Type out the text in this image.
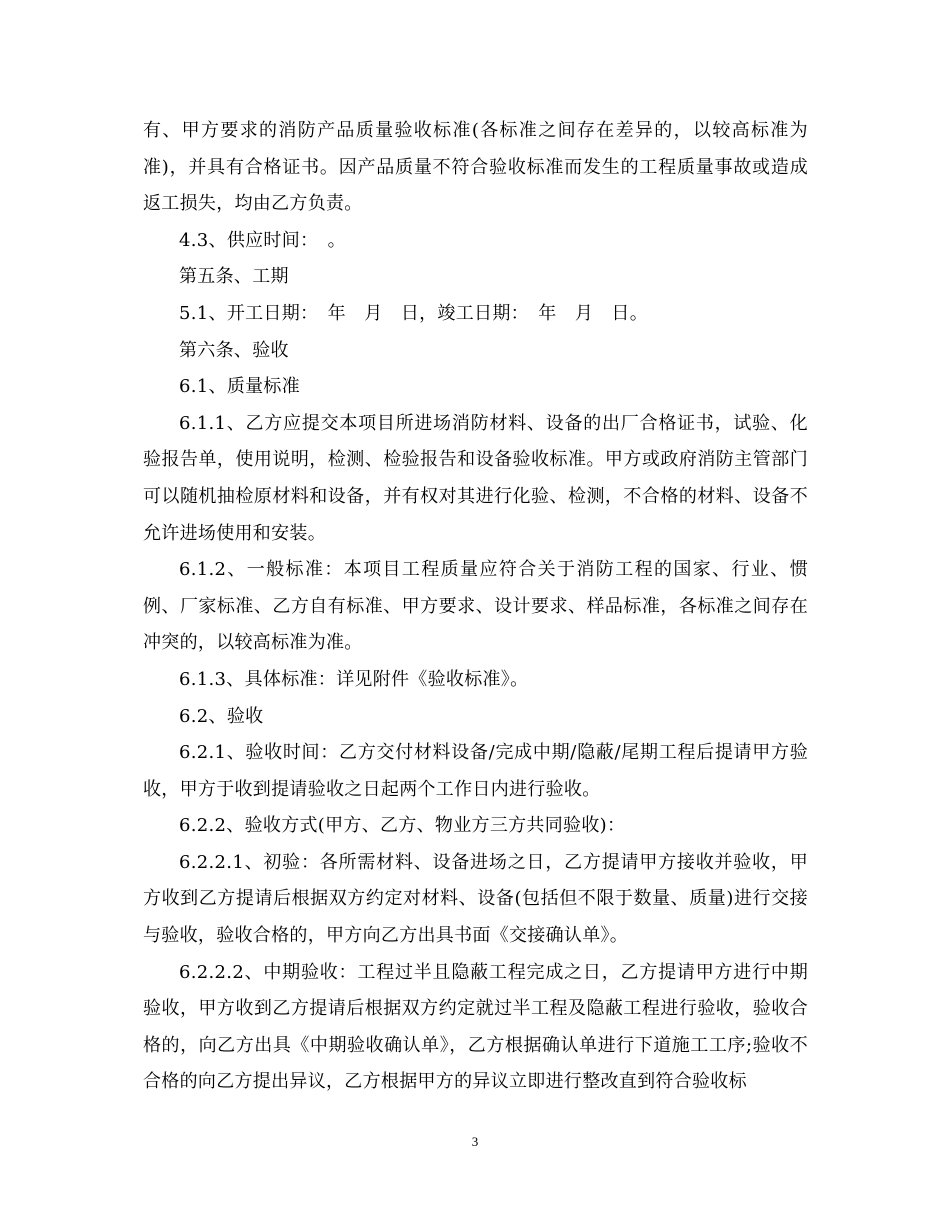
有、甲方要求的消防产品质量验收标准(各标准之间存在差异的，以较高标准为准)，并具有合格证书。因产品质量不符合验收标准而发生的工程质量事故或造成返工损失，均由乙方负责。

4.3、供应时间：　。

第五条、工期

5.1、开工日期：　年　月　日，竣工日期：　年　月　日。

第六条、验收

6.1、质量标准

6.1.1、乙方应提交本项目所进场消防材料、设备的出厂合格证书，试验、化验报告单，使用说明，检测、检验报告和设备验收标准。甲方或政府消防主管部门可以随机抽检原材料和设备，并有权对其进行化验、检测，不合格的材料、设备不允许进场使用和安装。

6.1.2、一般标准：本项目工程质量应符合关于消防工程的国家、行业、惯例、厂家标准、乙方自有标准、甲方要求、设计要求、样品标准，各标准之间存在冲突的，以较高标准为准。

6.1.3、具体标准：详见附件《验收标准》。

6.2、验收

6.2.1、验收时间：乙方交付材料设备/完成中期/隐蔽/尾期工程后提请甲方验收，甲方于收到提请验收之日起两个工作日内进行验收。

6.2.2、验收方式(甲方、乙方、物业方三方共同验收)：

6.2.2.1、初验：各所需材料、设备进场之日，乙方提请甲方接收并验收，甲方收到乙方提请后根据双方约定对材料、设备(包括但不限于数量、质量)进行交接与验收，验收合格的，甲方向乙方出具书面《交接确认单》。

6.2.2.2、中期验收：工程过半且隐蔽工程完成之日，乙方提请甲方进行中期验收，甲方收到乙方提请后根据双方约定就过半工程及隐蔽工程进行验收，验收合格的，向乙方出具《中期验收确认单》，乙方根据确认单进行下道施工工序;验收不合格的向乙方提出异议，乙方根据甲方的异议立即进行整改直到符合验收标

3
